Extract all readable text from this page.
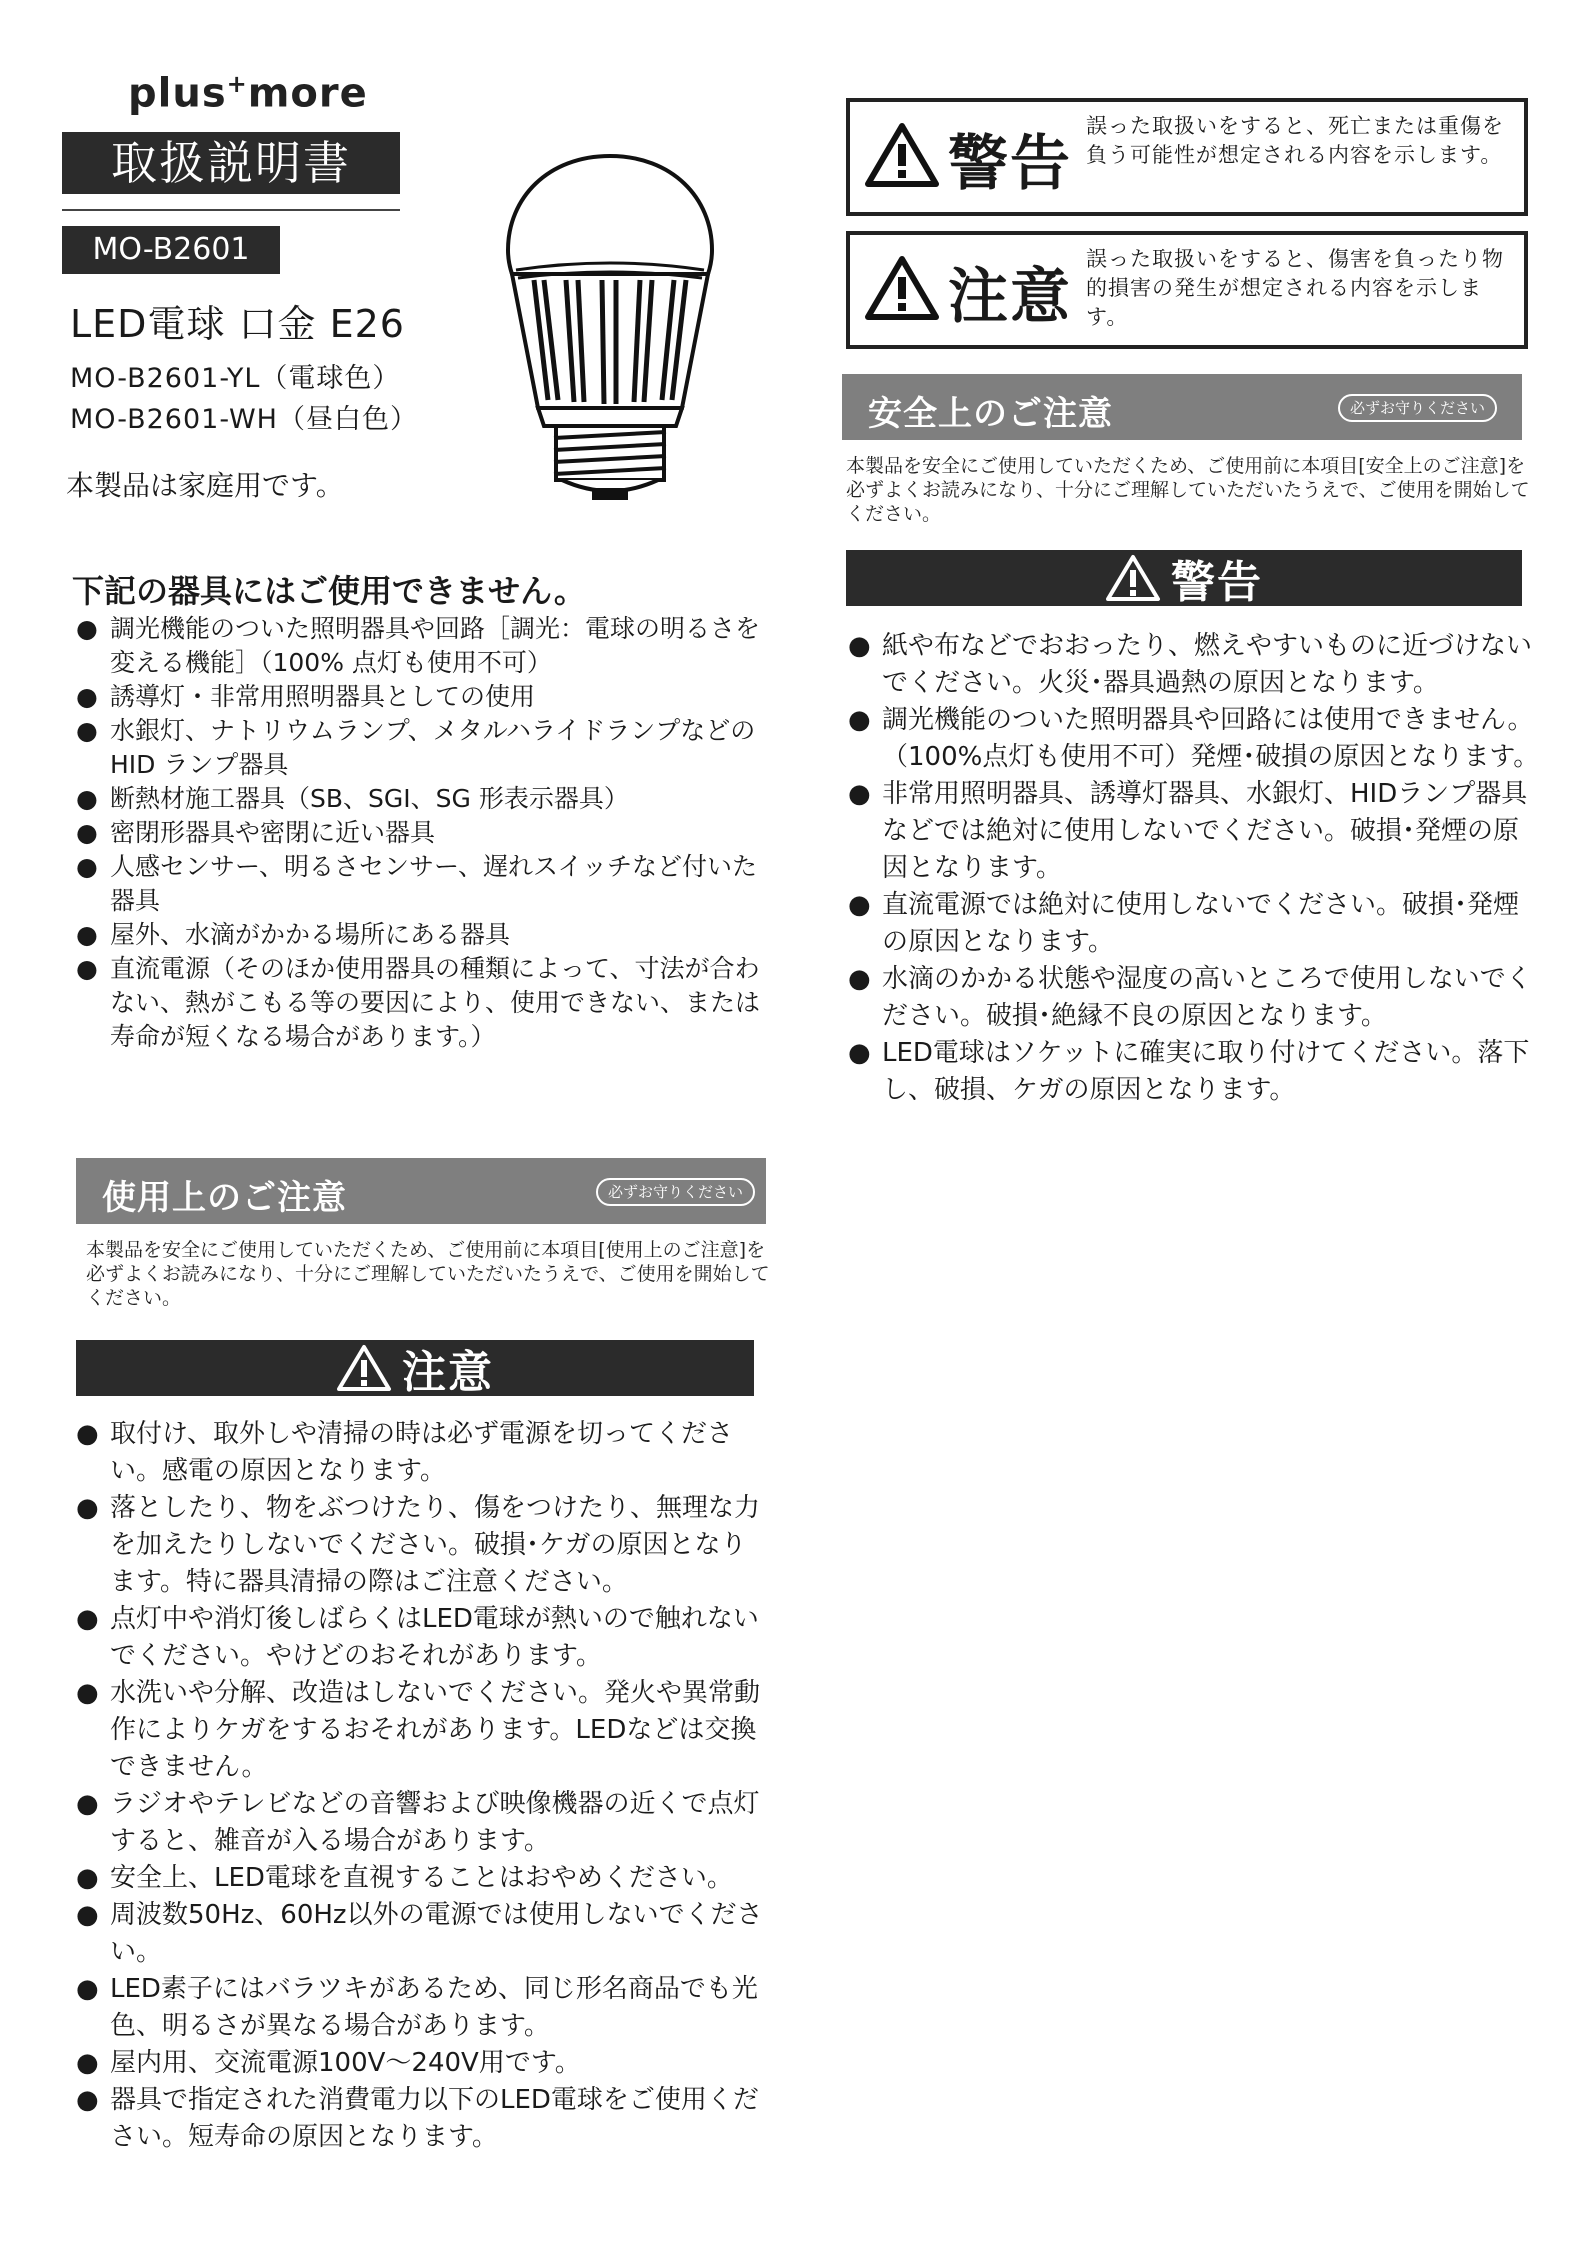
plus+more
取扱説明書
MO-B2601
LED電球 口金 E26
MO-B2601-YL（電球色）
MO-B2601-WH（昼白色）
本製品は家庭用です。
下記の器具にはご使用できません。
● 調光機能のついた照明器具や回路［調光：電球の明るさを変える機能］（100% 点灯も使用不可）
● 誘導灯・非常用照明器具としての使用
● 水銀灯、ナトリウムランプ、メタルハライドランプなどの HID ランプ器具
● 断熱材施工器具（SB、SGI、SG 形表示器具）
● 密閉形器具や密閉に近い器具
● 人感センサー、明るさセンサー、遅れスイッチなど付いた器具
● 屋外、水滴がかかる場所にある器具
● 直流電源（そのほか使用器具の種類によって、寸法が合わない、熱がこもる等の要因により、使用できない、または寿命が短くなる場合があります。）
使用上のご注意	必ずお守りください
本製品を安全にご使用していただくため、ご使用前に本項目[使用上のご注意]を必ずよくお読みになり、十分にご理解していただいたうえで、ご使用を開始してください。
注意
● 取付け、取外しや清掃の時は必ず電源を切ってください。感電の原因となります。
● 落としたり、物をぶつけたり、傷をつけたり、無理な力を加えたりしないでください。破損･ケガの原因となります。特に器具清掃の際はご注意ください。
● 点灯中や消灯後しばらくはLED電球が熱いので触れないでください。やけどのおそれがあります。
● 水洗いや分解、改造はしないでください。発火や異常動作によりケガをするおそれがあります。LEDなどは交換できません。
● ラジオやテレビなどの音響および映像機器の近くで点灯すると、雑音が入る場合があります。
● 安全上、LED電球を直視することはおやめください。
● 周波数50Hz、60Hz以外の電源では使用しないでください。
● LED素子にはバラツキがあるため、同じ形名商品でも光色、明るさが異なる場合があります。
● 屋内用、交流電源100V〜240V用です。
● 器具で指定された消費電力以下のLED電球をご使用ください。短寿命の原因となります。
警告
誤った取扱いをすると、死亡または重傷を負う可能性が想定される内容を示します。
注意
誤った取扱いをすると、傷害を負ったり物的損害の発生が想定される内容を示します。
安全上のご注意	必ずお守りください
本製品を安全にご使用していただくため、ご使用前に本項目[安全上のご注意]を必ずよくお読みになり、十分にご理解していただいたうえで、ご使用を開始してください。
警告
● 紙や布などでおおったり、燃えやすいものに近づけないでください。火災･器具過熱の原因となります。
● 調光機能のついた照明器具や回路には使用できません。（100%点灯も使用不可）発煙･破損の原因となります。
● 非常用照明器具、誘導灯器具、水銀灯、HIDランプ器具などでは絶対に使用しないでください。破損･発煙の原因となります。
● 直流電源では絶対に使用しないでください。破損･発煙の原因となります。
● 水滴のかかる状態や湿度の高いところで使用しないでください。破損･絶縁不良の原因となります。
● LED電球はソケットに確実に取り付けてください。落下し、破損、ケガの原因となります。
